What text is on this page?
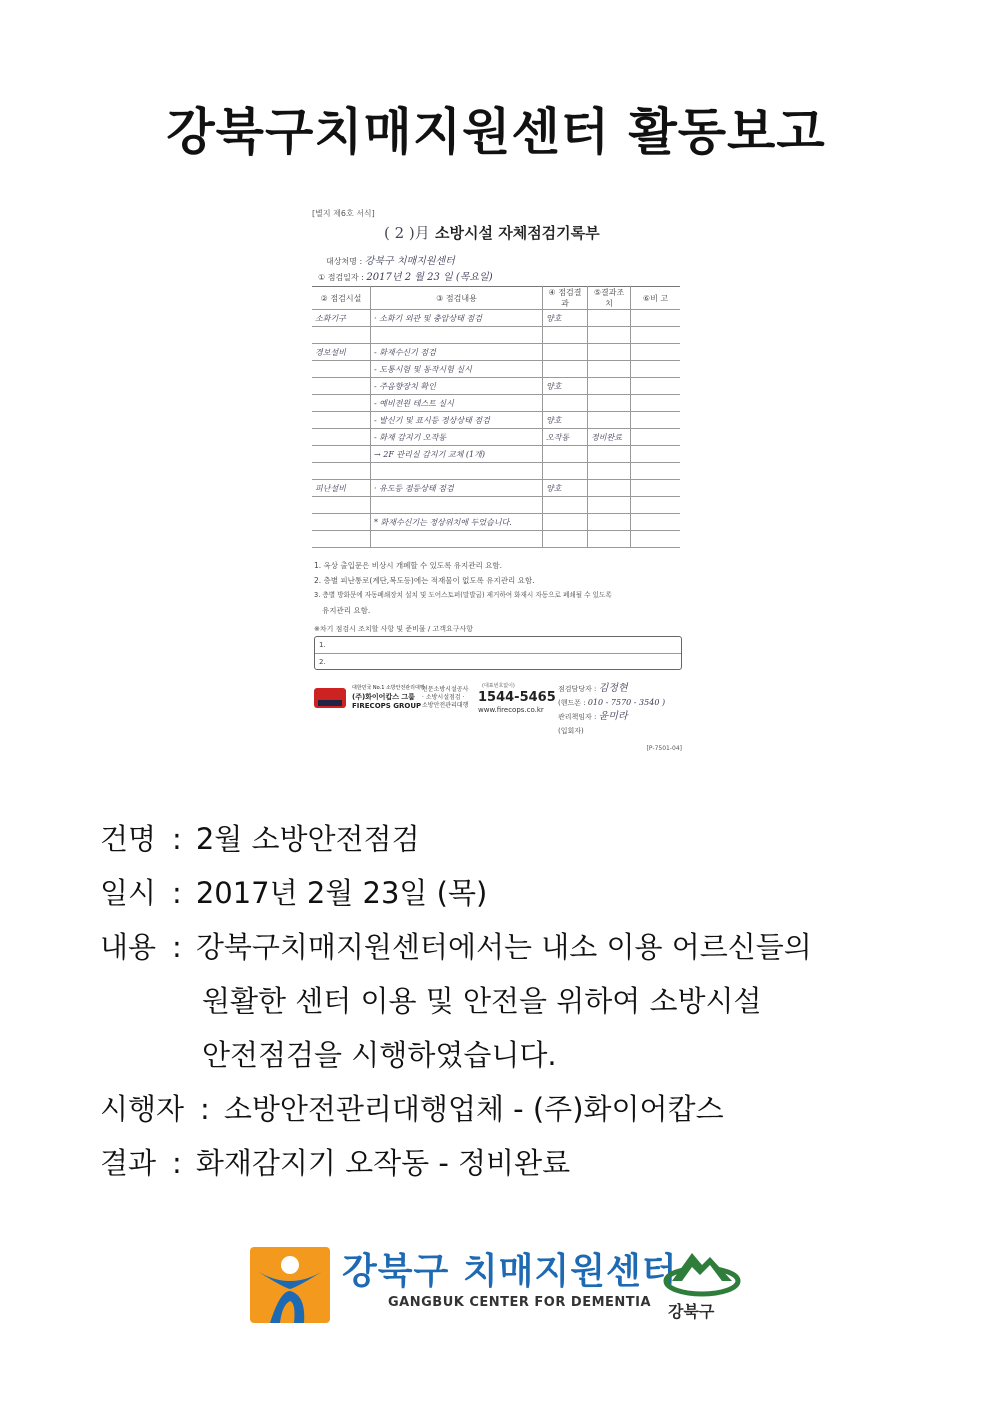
강북구치매지원센터 활동보고
[별지 제6호 서식]
( 2 )月 소방시설 자체점검기록부
대상처명 : 강북구 치매지원센터
① 점검일자 : 2017년 2 월 23 일 (목요일)
② 점검시설	③ 점검내용	④ 점검결과	⑤결과조치	⑥비 고
소화기구	· 소화기 외관 및 충압상태 점검	양호		

경보설비	- 화재수신기 점검			
	- 도통시험 및 동작시험 실시			
	- 주음향장치 확인	양호		
	- 예비전원 테스트 실시			
	- 발신기 및 표시등 정상상태 점검	양호		
	- 화재 감지기 오작동	오작동	정비완료	
	→ 2F 관리실 감지기 교체 (1개)			

피난설비	· 유도등 점등상태 점검	양호		

	* 화재수신기는 정상위치에 두었습니다.			

1. 옥상 출입문은 비상시 개폐할 수 있도록 유지관리 요함.
2. 층별 피난통로(계단,복도등)에는 적재물이 없도록 유지관리 요함.
3. 층별 방화문에 자동폐쇄장치 설치 및 도어스토퍼(말발굽) 제거하여 화재시 자동으로 폐쇄될 수 있도록
유지관리 요함.
※차기 점검시 조치할 사항 및 준비물 / 고객요구사항
1.
2.
대한민국 No.1 소방안전관리대행
(주)화이어캅스 그룹
FIRECOPS GROUP
전문소방시설공사 · 소방시설점검 · 소방안전관리대행
(대표번호없이)
1544-5465
www.firecops.co.kr
점검담당자 : 김정현
(핸드폰 : 010 - 7570 - 3540 )
관리책임자 : 윤미라
(입회자)
[P-7501-04]
건명 : 2월 소방안전점검
일시 : 2017년 2월 23일 (목)
내용 : 강북구치매지원센터에서는 내소 이용 어르신들의
원활한 센터 이용 및 안전을 위하여 소방시설
안전점검을 시행하였습니다.
시행자 : 소방안전관리대행업체 - (주)화이어캅스
결과 : 화재감지기 오작동 - 정비완료
강북구 치매지원센터
GANGBUK CENTER FOR DEMENTIA 강북구
